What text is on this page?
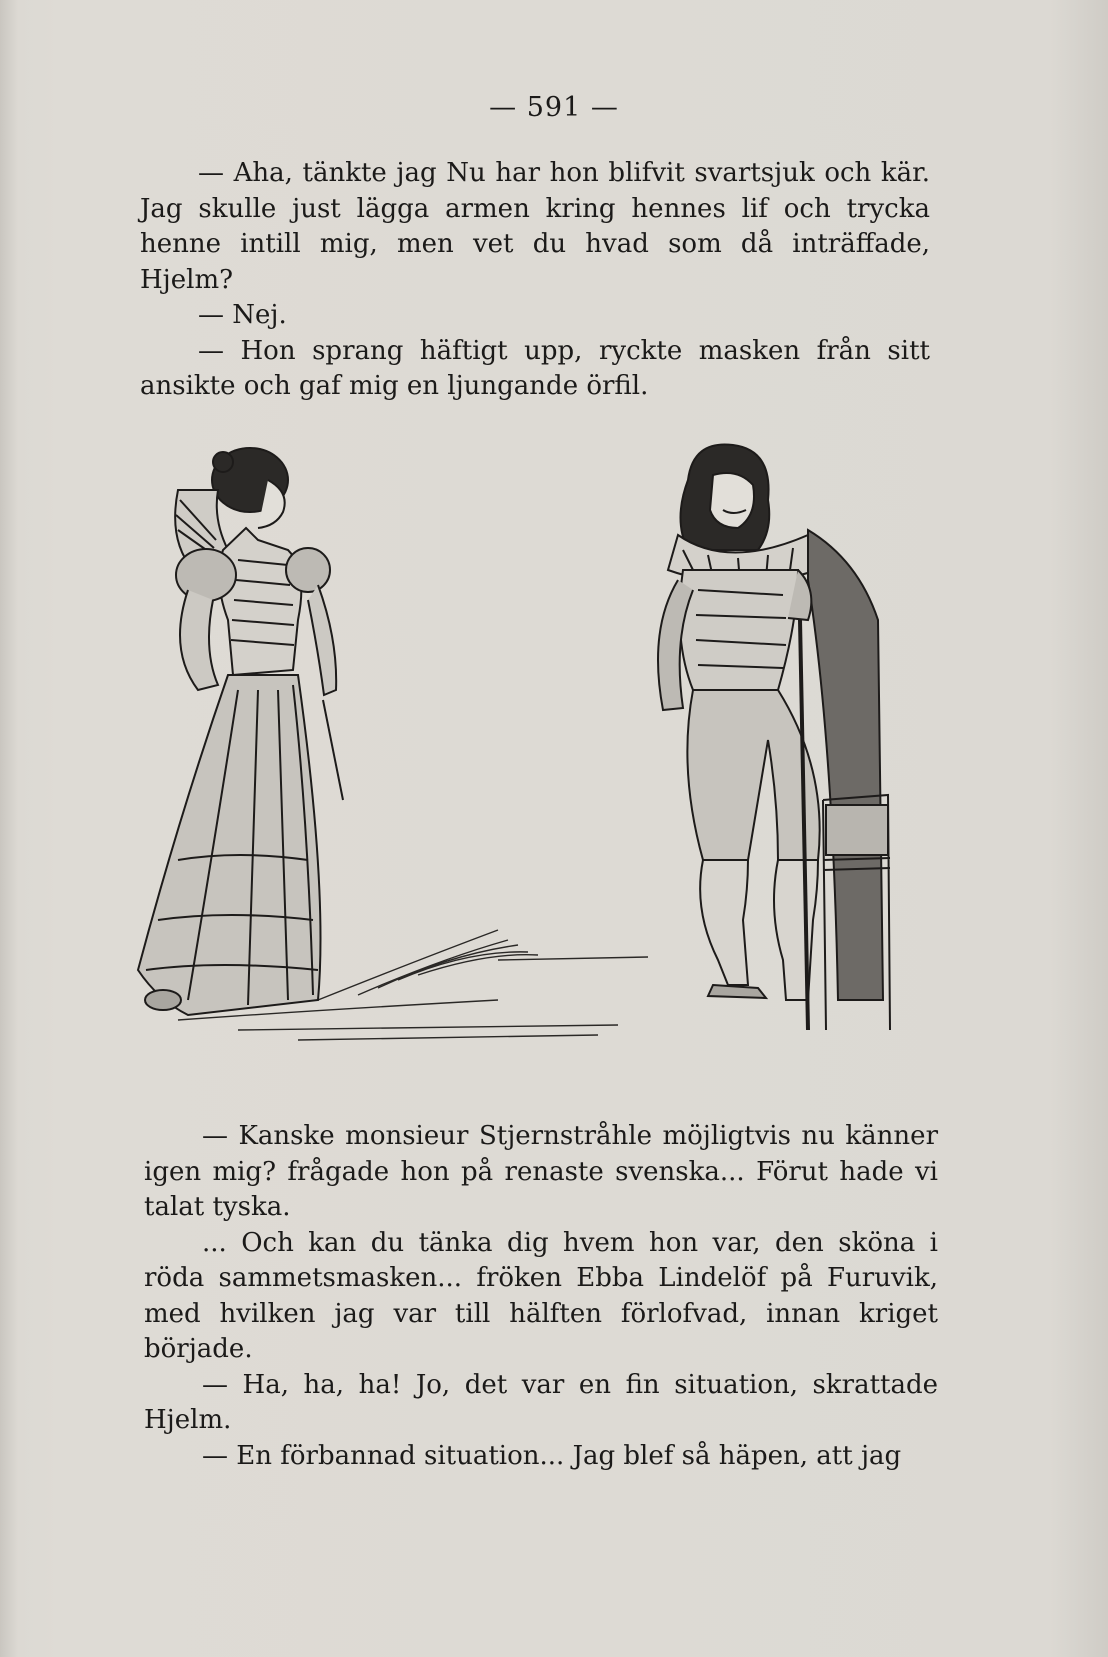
— 591 —

— Aha, tänkte jag Nu har hon blifvit svartsjuk och kär. Jag skulle just lägga armen kring hennes lif och trycka henne intill mig, men vet du hvad som då inträffade, Hjelm?

— Nej.

— Hon sprang häftigt upp, ryckte masken från sitt ansikte och gaf mig en ljungande örfil.

— Kanske monsieur Stjernstråhle möjligtvis nu känner igen mig? frågade hon på renaste svenska... Förut hade vi talat tyska.

... Och kan du tänka dig hvem hon var, den sköna i röda sammetsmasken... fröken Ebba Lindelöf på Furuvik, med hvilken jag var till hälften förlofvad, innan kriget började.

— Ha, ha, ha! Jo, det var en fin situation, skrattade Hjelm.

— En förbannad situation... Jag blef så häpen, att jag
